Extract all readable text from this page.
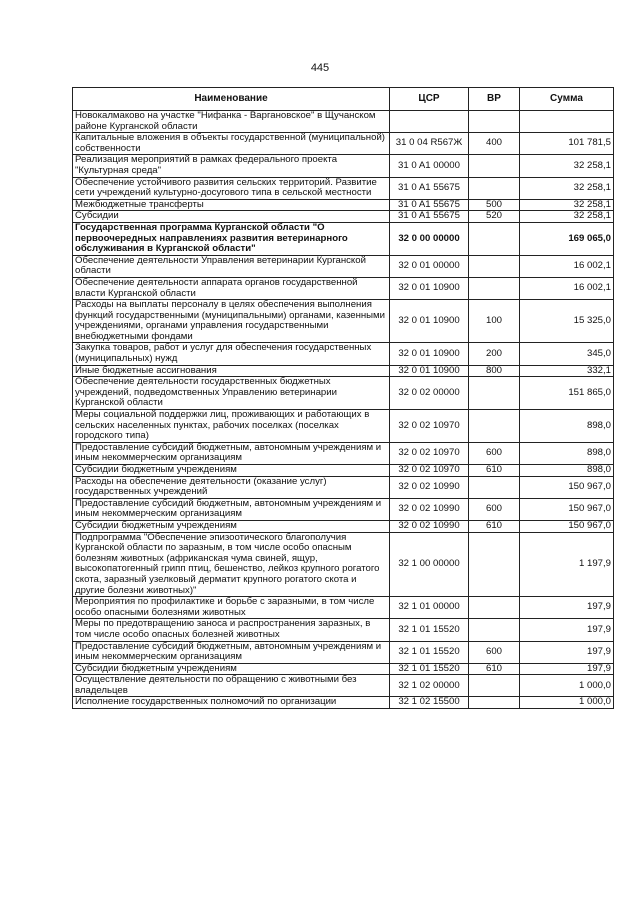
445
Наименование	ЦСР	ВР	Сумма
Новокалмаково на участке "Нифанка - Варгановское" в Щучанском районе Курганской области			
Капитальные вложения в объекты государственной (муниципальной) собственности	31 0 04 R567Ж	400	101 781,5
Реализация мероприятий в рамках федерального проекта "Культурная среда"	31 0 A1 00000		32 258,1
Обеспечение устойчивого развития сельских территорий. Развитие сети учреждений культурно-досугового типа в сельской местности	31 0 A1 55675		32 258,1
Межбюджетные трансферты	31 0 A1 55675	500	32 258,1
Субсидии	31 0 A1 55675	520	32 258,1
Государственная программа Курганской области "О первоочередных направлениях развития ветеринарного обслуживания в Курганской области"	32 0 00 00000		169 065,0
Обеспечение деятельности Управления ветеринарии Курганской области	32 0 01 00000		16 002,1
Обеспечение деятельности аппарата органов государственной власти Курганской области	32 0 01 10900		16 002,1
Расходы на выплаты персоналу в целях обеспечения выполнения функций государственными (муниципальными) органами, казенными учреждениями, органами управления государственными внебюджетными фондами	32 0 01 10900	100	15 325,0
Закупка товаров, работ и услуг для обеспечения государственных (муниципальных) нужд	32 0 01 10900	200	345,0
Иные бюджетные ассигнования	32 0 01 10900	800	332,1
Обеспечение деятельности государственных бюджетных учреждений, подведомственных Управлению ветеринарии Курганской области	32 0 02 00000		151 865,0
Меры социальной поддержки лиц, проживающих и работающих в сельских населенных пунктах, рабочих поселках (поселках городского типа)	32 0 02 10970		898,0
Предоставление субсидий бюджетным, автономным учреждениям и иным некоммерческим организациям	32 0 02 10970	600	898,0
Субсидии бюджетным учреждениям	32 0 02 10970	610	898,0
Расходы на обеспечение деятельности (оказание услуг) государственных учреждений	32 0 02 10990		150 967,0
Предоставление субсидий бюджетным, автономным учреждениям и иным некоммерческим организациям	32 0 02 10990	600	150 967,0
Субсидии бюджетным учреждениям	32 0 02 10990	610	150 967,0
Подпрограмма "Обеспечение эпизоотического благополучия Курганской области по заразным, в том числе особо опасным болезням животных (африканская чума свиней, ящур, высокопатогенный грипп птиц, бешенство, лейкоз крупного рогатого скота, заразный узелковый дерматит крупного рогатого скота и другие болезни животных)"	32 1 00 00000		1 197,9
Мероприятия по профилактике и борьбе с заразными, в том числе особо опасными болезнями животных	32 1 01 00000		197,9
Меры по предотвращению заноса и распространения заразных, в том числе особо опасных болезней животных	32 1 01 15520		197,9
Предоставление субсидий бюджетным, автономным учреждениям и иным некоммерческим организациям	32 1 01 15520	600	197,9
Субсидии бюджетным учреждениям	32 1 01 15520	610	197,9
Осуществление деятельности по обращению с животными без владельцев	32 1 02 00000		1 000,0
Исполнение государственных полномочий по организации	32 1 02 15500		1 000,0
